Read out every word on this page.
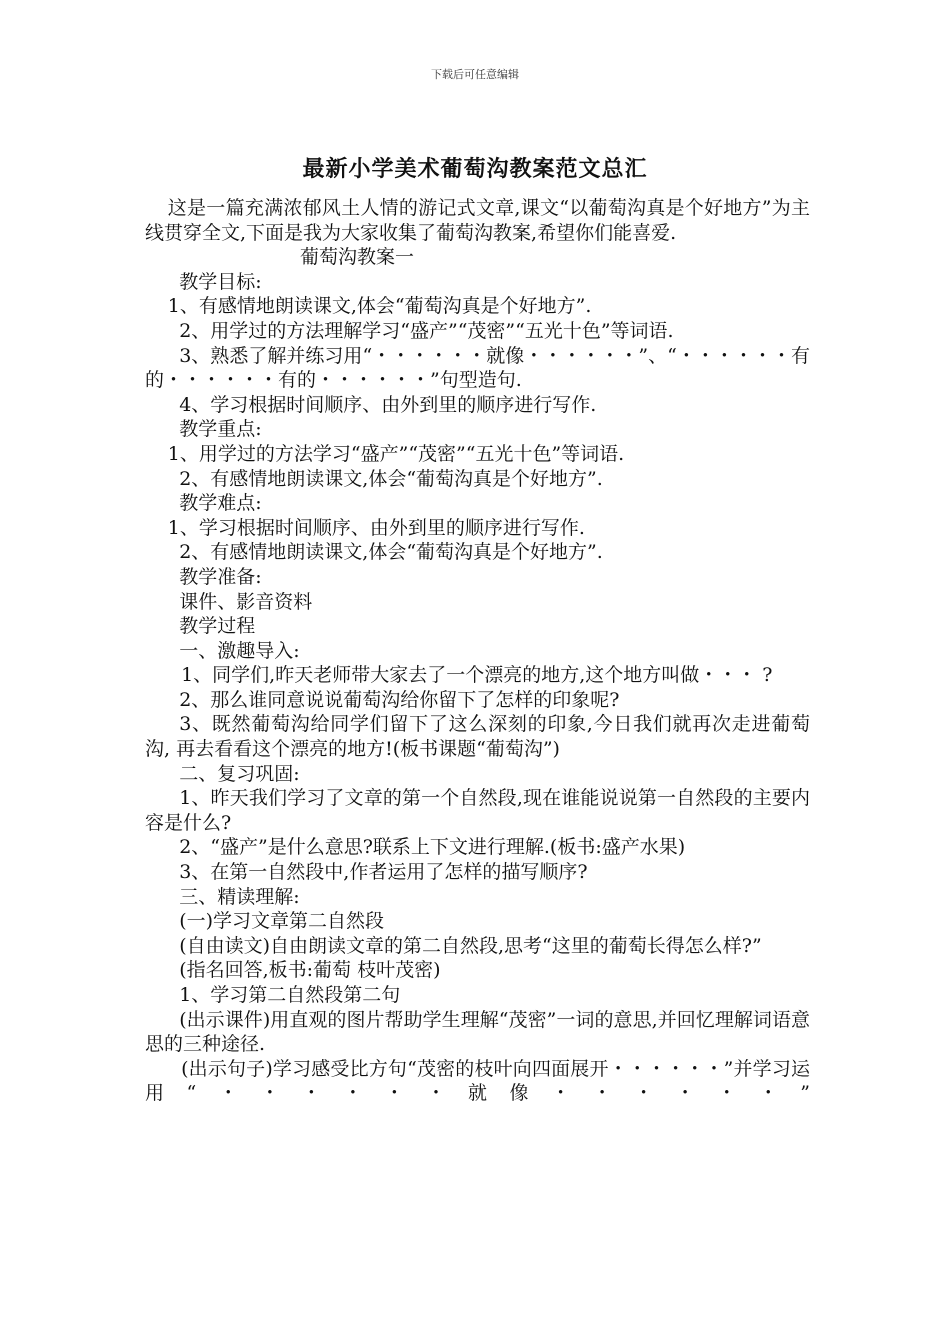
下载后可任意编辑
最新小学美术葡萄沟教案范文总汇

这是一篇充满浓郁风土人情的游记式文章,课文“以葡萄沟真是个好地方”为主线贯穿全文,下面是我为大家收集了葡萄沟教案,希望你们能喜爱.

葡萄沟教案一

教学目标:

1、有感情地朗读课文,体会“葡萄沟真是个好地方”.

2、用学过的方法理解学习“盛产”“茂密”“五光十色”等词语.

3、熟悉了解并练习用“・・・・・・就像・・・・・・”、“・・・・・・有的・・・・・・有的・・・・・・”句型造句.

4、学习根据时间顺序、由外到里的顺序进行写作.

教学重点:

1、用学过的方法学习“盛产”“茂密”“五光十色”等词语.

2、有感情地朗读课文,体会“葡萄沟真是个好地方”.

教学难点:

1、学习根据时间顺序、由外到里的顺序进行写作.

2、有感情地朗读课文,体会“葡萄沟真是个好地方”.

教学准备:

课件、影音资料

教学过程

一、激趣导入:

1、同学们,昨天老师带大家去了一个漂亮的地方,这个地方叫做・・・ ?

2、那么谁同意说说葡萄沟给你留下了怎样的印象呢?

3、既然葡萄沟给同学们留下了这么深刻的印象,今日我们就再次走进葡萄沟, 再去看看这个漂亮的地方!(板书课题“葡萄沟”)

二、复习巩固:

1、昨天我们学习了文章的第一个自然段,现在谁能说说第一自然段的主要内容是什么?

2、“盛产”是什么意思?联系上下文进行理解.(板书:盛产水果)

3、在第一自然段中,作者运用了怎样的描写顺序?

三、精读理解:

(一)学习文章第二自然段

(自由读文)自由朗读文章的第二自然段,思考“这里的葡萄长得怎么样?”

(指名回答,板书:葡萄 枝叶茂密)

1、学习第二自然段第二句

(出示课件)用直观的图片帮助学生理解“茂密”一词的意思,并回忆理解词语意思的三种途径.

(出示句子)学习感受比方句“茂密的枝叶向四面展开・・・・・・”并学习运用“・・・・・・就像・・・・・・”
